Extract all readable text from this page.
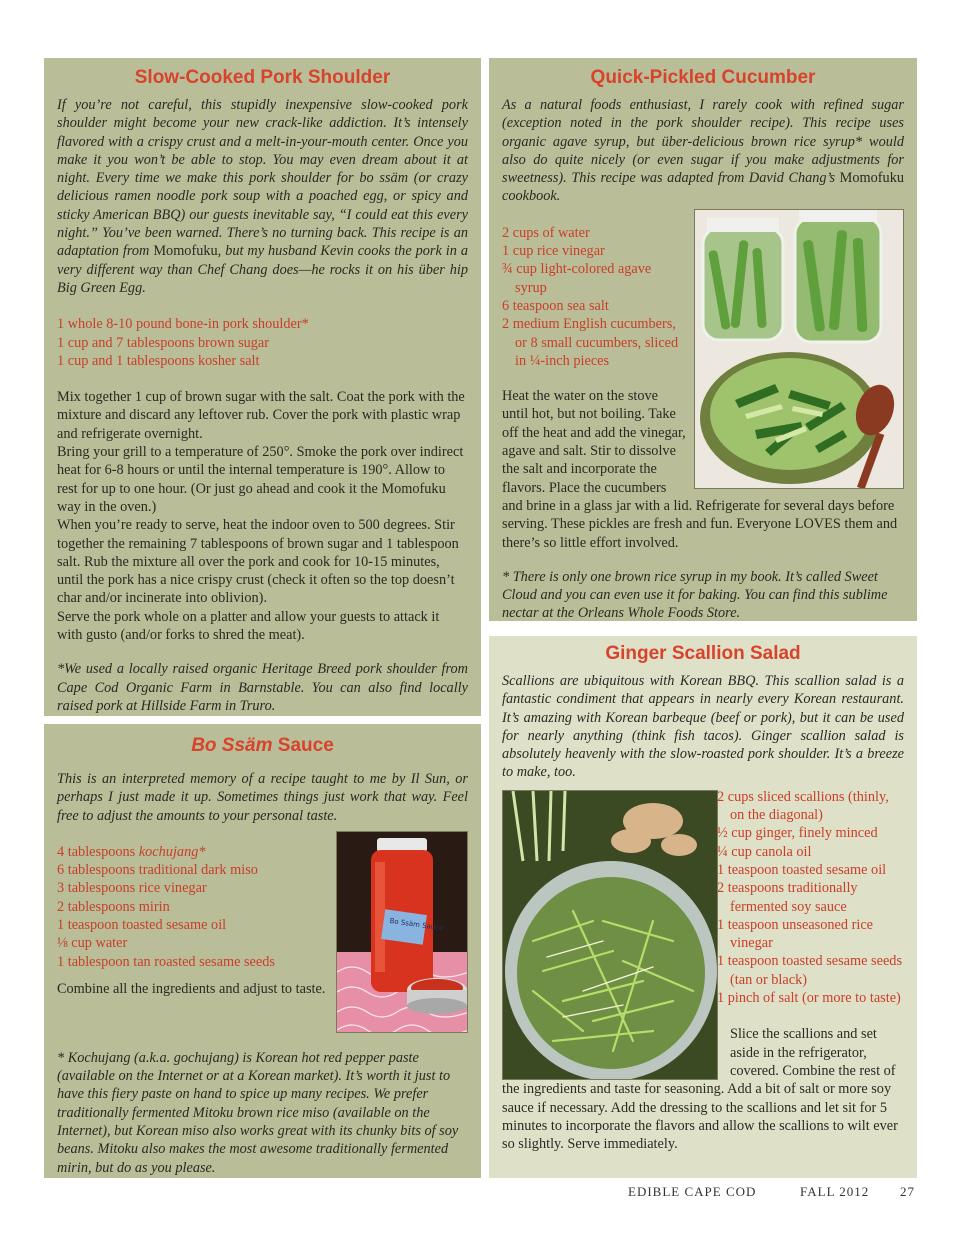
Slow-Cooked Pork Shoulder

If you’re not careful, this stupidly inexpensive slow-cooked pork shoulder might become your new crack-like addiction. It’s intensely flavored with a crispy crust and a melt-in-your-mouth center. Once you make it you won’t be able to stop. You may even dream about it at night. Every time we make this pork shoulder for bo ssäm (or crazy delicious ramen noodle pork soup with a poached egg, or spicy and sticky American BBQ) our guests inevitable say, “I could eat this every night.” You’ve been warned. There’s no turning back. This recipe is an adaptation from Momofuku, but my husband Kevin cooks the pork in a very different way than Chef Chang does—he rocks it on his über hip Big Green Egg.

1 whole 8-10 pound bone-in pork shoulder*
1 cup and 7 tablespoons brown sugar
1 cup and 1 tablespoons kosher salt

Mix together 1 cup of brown sugar with the salt. Coat the pork with the mixture and discard any leftover rub. Cover the pork with plastic wrap and refrigerate overnight.

Bring your grill to a temperature of 250°. Smoke the pork over indirect heat for 6-8 hours or until the internal temperature is 190°. Allow to rest for up to one hour. (Or just go ahead and cook it the Momofuku way in the oven.)

When you’re ready to serve, heat the indoor oven to 500 degrees. Stir together the remaining 7 tablespoons of brown sugar and 1 tablespoon salt. Rub the mixture all over the pork and cook for 10-15 minutes, until the pork has a nice crispy crust (check it often so the top doesn’t char and/or incinerate into oblivion).

Serve the pork whole on a platter and allow your guests to attack it with gusto (and/or forks to shred the meat).

*We used a locally raised organic Heritage Breed pork shoulder from Cape Cod Organic Farm in Barnstable. You can also find locally raised pork at Hillside Farm in Truro.

Bo Ssäm Sauce

This is an interpreted memory of a recipe taught to me by Il Sun, or perhaps I just made it up. Sometimes things just work that way. Feel free to adjust the amounts to your personal taste.

Bo Ssäm Sauce
4 tablespoons kochujang*
6 tablespoons traditional dark miso
3 tablespoons rice vinegar
2 tablespoons mirin
1 teaspoon toasted sesame oil
⅛ cup water
1 tablespoon tan roasted sesame seeds

Combine all the ingredients and adjust to taste.

* Kochujang (a.k.a. gochujang) is Korean hot red pepper paste (available on the Internet or at a Korean market). It’s worth it just to have this fiery paste on hand to spice up many recipes. We prefer traditionally fermented Mitoku brown rice miso (available on the Internet), but Korean miso also works great with its chunky bits of soy beans. Mitoku also makes the most awesome traditionally fermented mirin, but do as you please.

Quick-Pickled Cucumber

As a natural foods enthusiast, I rarely cook with refined sugar (exception noted in the pork shoulder recipe). This recipe uses organic agave syrup, but über-delicious brown rice syrup* would also do quite nicely (or even sugar if you make adjustments for sweetness). This recipe was adapted from David Chang’s Momofuku cookbook.

2 cups of water
1 cup rice vinegar
¾ cup light-colored agave syrup
6 teaspoon sea salt
2 medium English cucumbers, or 8 small cucumbers, sliced in ¼-inch pieces

Heat the water on the stove until hot, but not boiling. Take off the heat and add the vinegar, agave and salt. Stir to dissolve the salt and incorporate the flavors. Place the cucumbers and brine in a glass jar with a lid. Refrigerate for several days before serving. These pickles are fresh and fun. Everyone LOVES them and there’s so little effort involved.

* There is only one brown rice syrup in my book. It’s called Sweet Cloud and you can even use it for baking. You can find this sublime nectar at the Orleans Whole Foods Store.

Ginger Scallion Salad

Scallions are ubiquitous with Korean BBQ. This scallion salad is a fantastic condiment that appears in nearly every Korean restaurant. It’s amazing with Korean barbeque (beef or pork), but it can be used for nearly anything (think fish tacos). Ginger scallion salad is absolutely heavenly with the slow-roasted pork shoulder. It’s a breeze to make, too.

2 cups sliced scallions (thinly, on the diagonal)
½ cup ginger, finely minced
¼ cup canola oil
1 teaspoon toasted sesame oil
2 teaspoons traditionally fermented soy sauce
1 teaspoon unseasoned rice vinegar
1 teaspoon toasted sesame seeds (tan or black)
1 pinch of salt (or more to taste)

Slice the scallions and set aside in the refrigerator, covered. Combine the rest of the ingredients and taste for seasoning. Add a bit of salt or more soy sauce if necessary. Add the dressing to the scallions and let sit for 5 minutes to incorporate the flavors and allow the scallions to wilt ever so slightly. Serve immediately.

EDIBLE CAPE COD	FALL 2012 27
